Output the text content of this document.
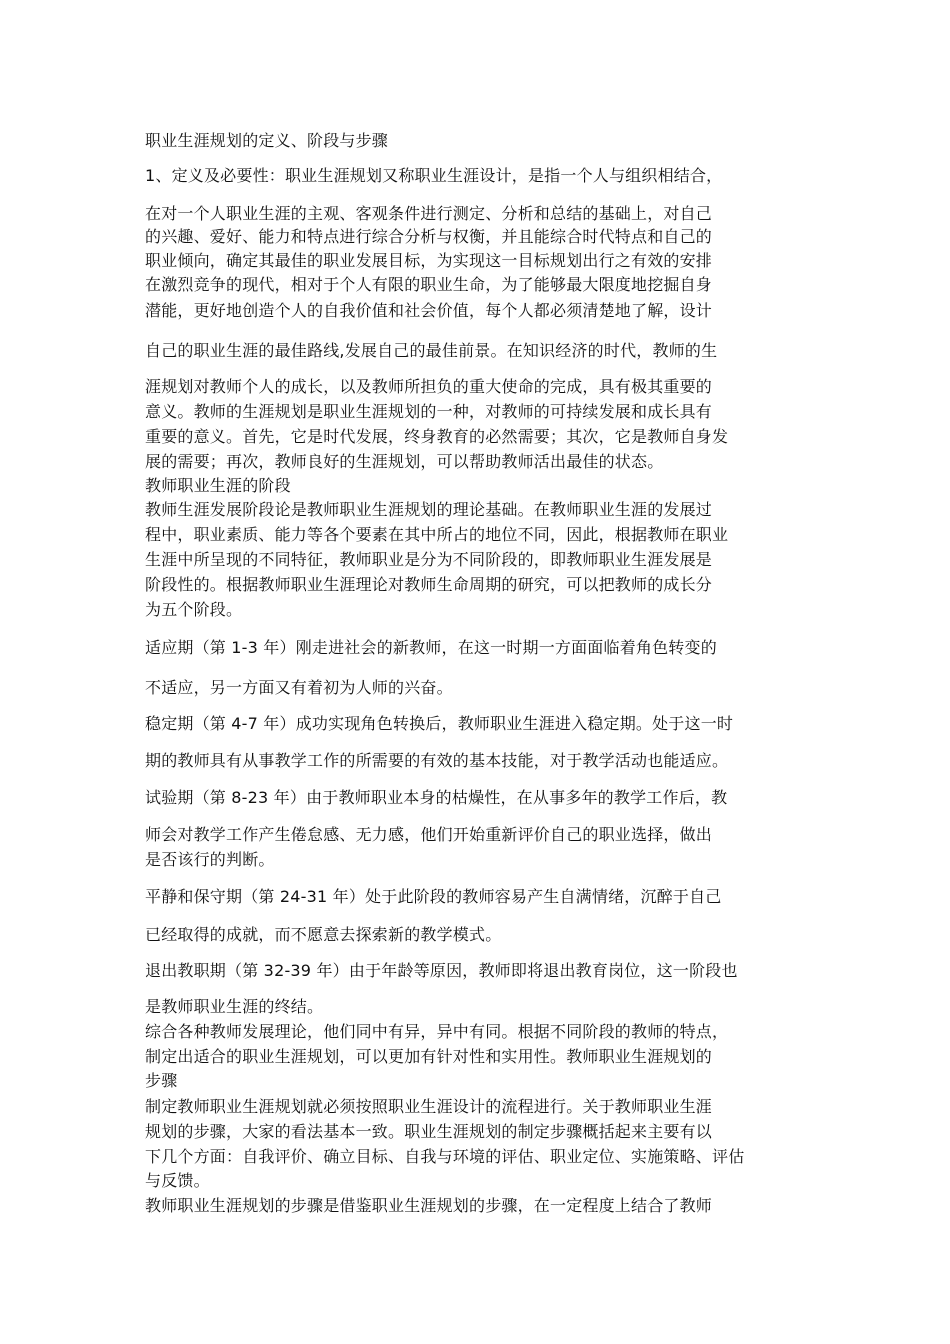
职业生涯规划的定义、阶段与步骤

1、定义及必要性：职业生涯规划又称职业生涯设计，是指一个人与组织相结合，

在对一个人职业生涯的主观、客观条件进行测定、分析和总结的基础上，对自己

的兴趣、爱好、能力和特点进行综合分析与权衡，并且能综合时代特点和自己的

职业倾向，确定其最佳的职业发展目标，为实现这一目标规划出行之有效的安排

在激烈竞争的现代，相对于个人有限的职业生命，为了能够最大限度地挖掘自身

潜能，更好地创造个人的自我价值和社会价值，每个人都必须清楚地了解，设计

自己的职业生涯的最佳路线,发展自己的最佳前景。在知识经济的时代，教师的生

涯规划对教师个人的成长，以及教师所担负的重大使命的完成，具有极其重要的

意义。教师的生涯规划是职业生涯规划的一种，对教师的可持续发展和成长具有

重要的意义。首先，它是时代发展，终身教育的必然需要；其次，它是教师自身发

展的需要；再次，教师良好的生涯规划，可以帮助教师活出最佳的状态。

教师职业生涯的阶段

教师生涯发展阶段论是教师职业生涯规划的理论基础。在教师职业生涯的发展过

程中，职业素质、能力等各个要素在其中所占的地位不同，因此，根据教师在职业

生涯中所呈现的不同特征，教师职业是分为不同阶段的，即教师职业生涯发展是

阶段性的。根据教师职业生涯理论对教师生命周期的研究，可以把教师的成长分

为五个阶段。

适应期（第 1-3 年）刚走进社会的新教师，在这一时期一方面面临着角色转变的

不适应，另一方面又有着初为人师的兴奋。

稳定期（第 4-7 年）成功实现角色转换后，教师职业生涯进入稳定期。处于这一时

期的教师具有从事教学工作的所需要的有效的基本技能，对于教学活动也能适应。

试验期（第 8-23 年）由于教师职业本身的枯燥性，在从事多年的教学工作后，教

师会对教学工作产生倦怠感、无力感，他们开始重新评价自己的职业选择，做出

是否该行的判断。

平静和保守期（第 24-31 年）处于此阶段的教师容易产生自满情绪，沉醉于自己

已经取得的成就，而不愿意去探索新的教学模式。

退出教职期（第 32-39 年）由于年龄等原因，教师即将退出教育岗位，这一阶段也

是教师职业生涯的终结。

综合各种教师发展理论，他们同中有异，异中有同。根据不同阶段的教师的特点，

制定出适合的职业生涯规划，可以更加有针对性和实用性。教师职业生涯规划的

步骤

制定教师职业生涯规划就必须按照职业生涯设计的流程进行。关于教师职业生涯

规划的步骤，大家的看法基本一致。职业生涯规划的制定步骤概括起来主要有以

下几个方面：自我评价、确立目标、自我与环境的评估、职业定位、实施策略、评估

与反馈。

教师职业生涯规划的步骤是借鉴职业生涯规划的步骤，在一定程度上结合了教师
